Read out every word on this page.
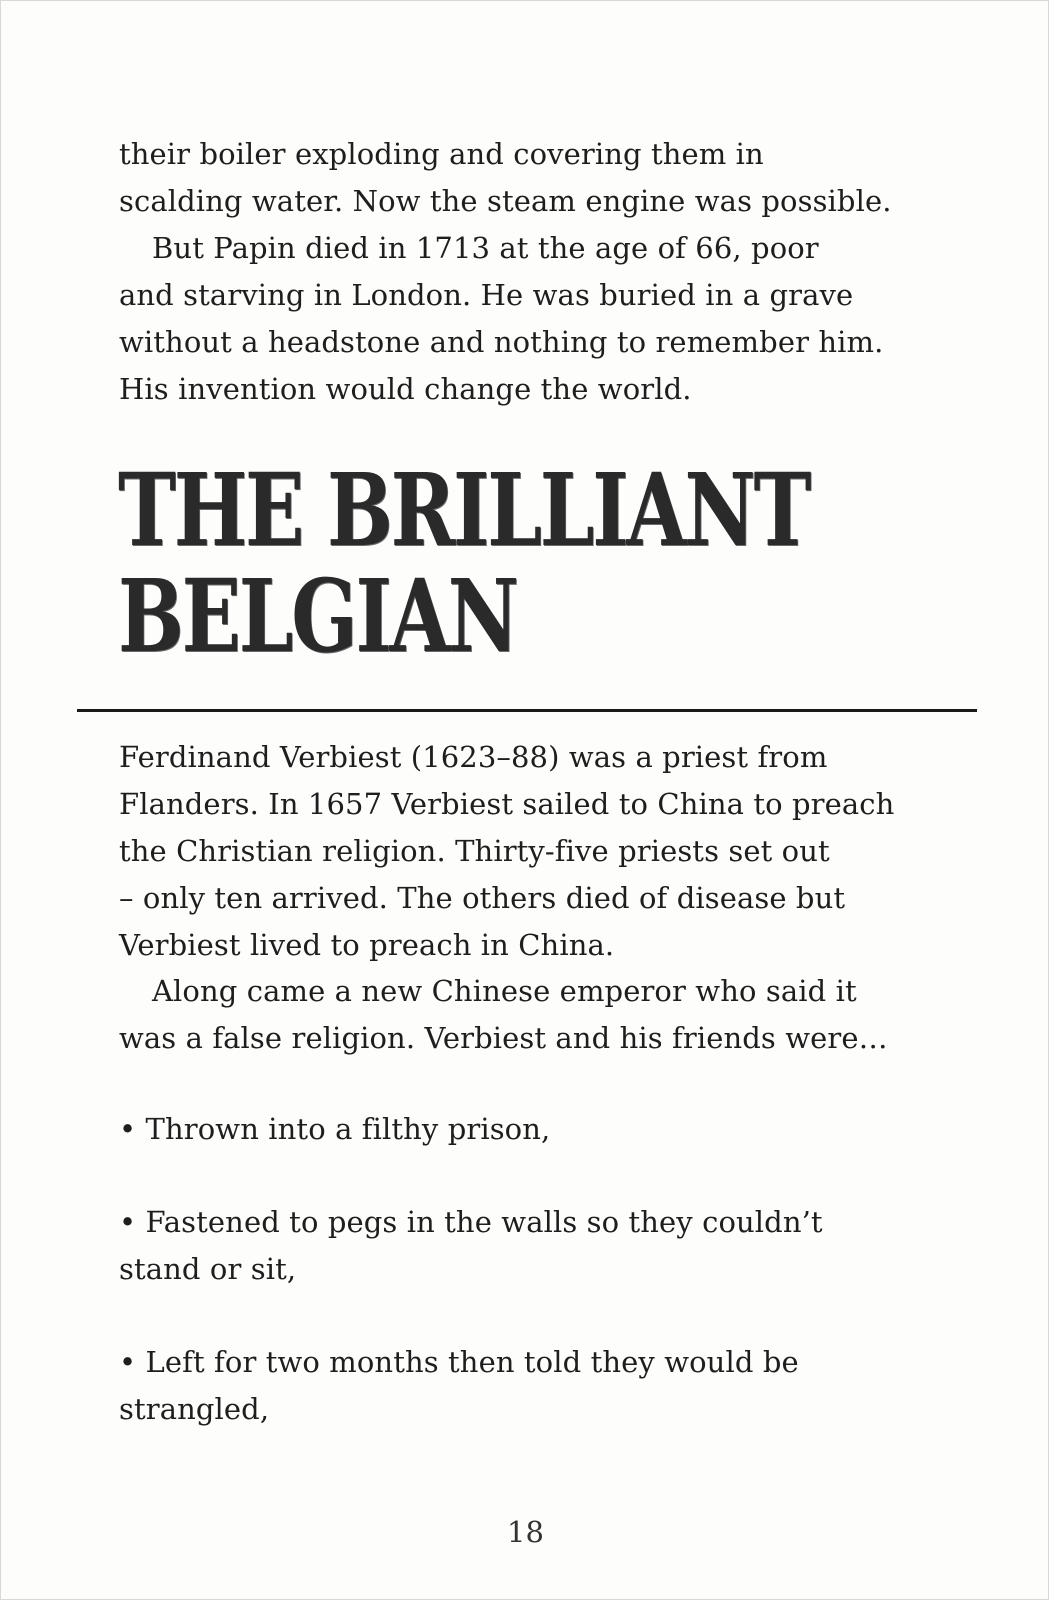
their boiler exploding and covering them in
scalding water. Now the steam engine was possible.
But Papin died in 1713 at the age of 66, poor
and starving in London. He was buried in a grave
without a headstone and nothing to remember him.
His invention would change the world.
THE BRILLIANT
BELGIAN
Ferdinand Verbiest (1623–88) was a priest from
Flanders. In 1657 Verbiest sailed to China to preach
the Christian religion. Thirty-five priests set out
– only ten arrived. The others died of disease but
Verbiest lived to preach in China.
Along came a new Chinese emperor who said it
was a false religion. Verbiest and his friends were…
• Thrown into a filthy prison,
• Fastened to pegs in the walls so they couldn’t
stand or sit,
• Left for two months then told they would be
strangled,
18
